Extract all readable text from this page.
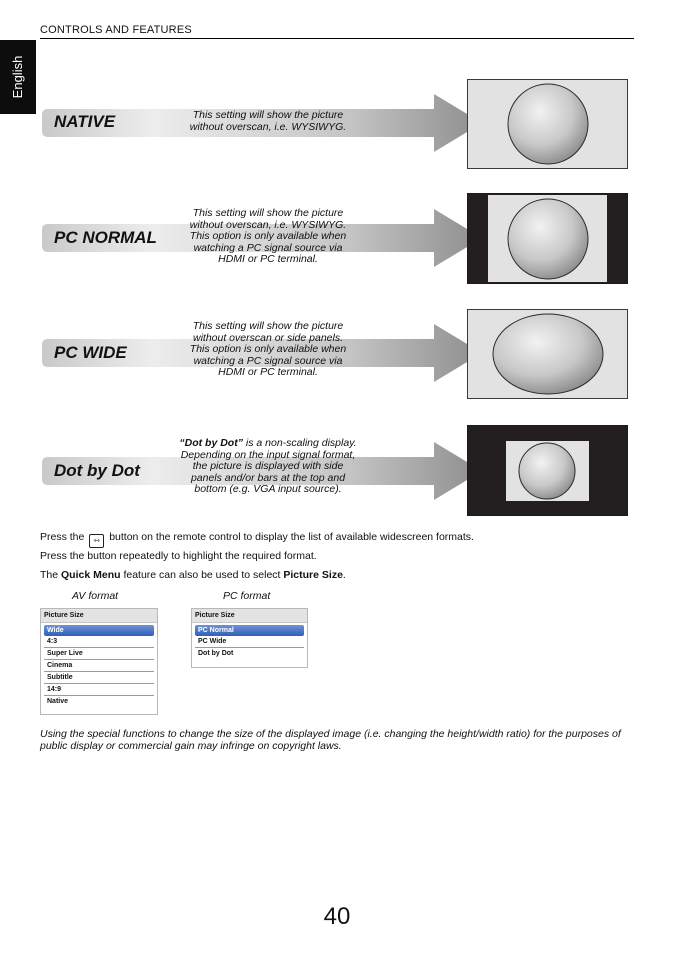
CONTROLS AND FEATURES
English
NATIVE	This setting will show the picture
without overscan, i.e. WYSIWYG.
PC NORMAL
This setting will show the picture
without overscan, i.e. WYSIWYG.
This option is only available when
watching a PC signal source via
HDMI or PC terminal.
PC WIDE
This setting will show the picture
without overscan or side panels.
This option is only available when
watching a PC signal source via
HDMI or PC terminal.
Dot by Dot
“Dot by Dot” is a non-scaling display.
Depending on the input signal format,
the picture is displayed with side
panels and/or bars at the top and
bottom (e.g. VGA input source).
Press the ⇿ button on the remote control to display the list of available widescreen formats.
Press the button repeatedly to highlight the required format.
The Quick Menu feature can also be used to select Picture Size.
AV format	PC format
Picture Size
Wide
4:3
Super Live
Cinema
Subtitle
14:9
Native
Picture Size
PC Normal
PC Wide
Dot by Dot
Using the special functions to change the size of the displayed image (i.e. changing the height/width ratio) for the purposes of public display or commercial gain may infringe on copyright laws.
40
